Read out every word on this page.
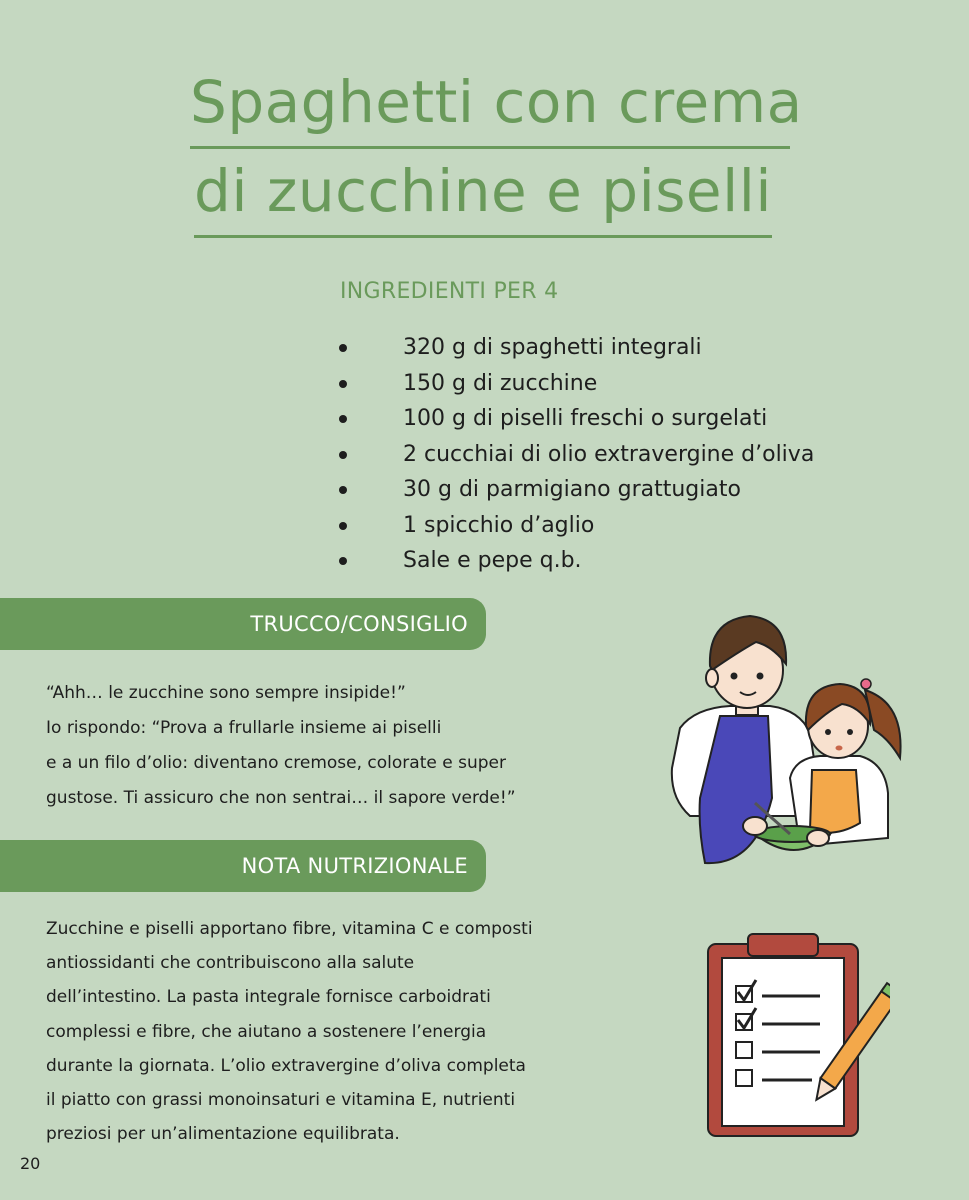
Spaghetti con crema
di zucchine e piselli
INGREDIENTI PER 4
320 g di spaghetti integrali
150 g di zucchine
100 g di piselli freschi o surgelati
2 cucchiai di olio extravergine d’oliva
30 g di parmigiano grattugiato
1 spicchio d’aglio
Sale e pepe q.b.
TRUCCO/CONSIGLIO
“Ahh… le zucchine sono sempre insipide!”
Io rispondo: “Prova a frullarle insieme ai piselli
e a un filo d’olio: diventano cremose, colorate e super
gustose. Ti assicuro che non sentrai… il sapore verde!”
NOTA NUTRIZIONALE
Zucchine e piselli apportano fibre, vitamina C e composti
antiossidanti che contribuiscono alla salute
dell’intestino. La pasta integrale fornisce carboidrati
complessi e fibre, che aiutano a sostenere l’energia
durante la giornata. L’olio extravergine d’oliva completa
il piatto con grassi monoinsaturi e vitamina E, nutrienti
preziosi per un’alimentazione equilibrata.
20
